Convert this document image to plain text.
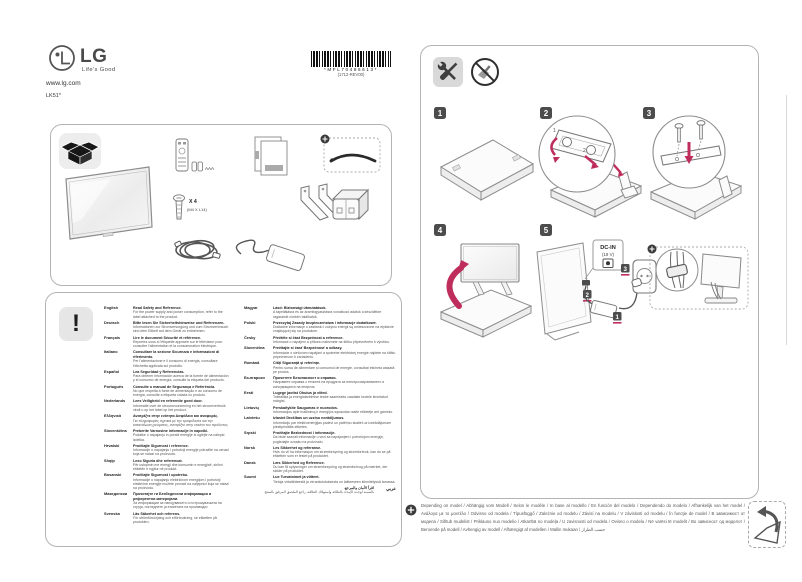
LG
Life's Good
www.lg.com
LK51*
*MFL70486613*
(1712-REV00)
AAA
X 4
(M4 X L14)
!
English	Read Safety and Reference.
For the power supply and power consumption, refer to the label attached to the product.
Deutsch	Bitte lesen Sie Sicherheitshinweise und Referenzen.
Informationen zur Stromversorgung und zum Stromverbrauch sind dem Etikett auf dem Gerät zu entnehmen.
Français	Lire le document Sécurité et référence.
Reportez-vous à l'étiquette apposée sur le téléviseur pour consulter l'alimentation et la consommation électrique.
Italiano	Consultare la sezione Sicurezza e informazioni di riferimento.
Per l'alimentazione e il consumo di energia, consultare l'etichetta applicata sul prodotto.
Español	Lea Seguridad y Referencias.
Para obtener información acerca de la fuente de alimentación y el consumo de energía, consulte la etiqueta del producto.
Português	Consulte o manual de Segurança e Referência.
No que respeita à fonte de alimentação e ao consumo de energia, consulte a etiqueta colada no produto.
Nederlands	Lees Veiligheid en referentie goed door.
Informatie over de stroomvoorziening en het stroomverbruik vindt u op het label op het product.
Ελληνικά	Ανατρέξτε στην ενότητα Ασφάλεια και αναφορές.
Για πληροφορίες σχετικά με την τροφοδοσία και την κατανάλωση ρεύματος, ανατρέξτε στην ετικέτα του προϊόντος.
Slovenščina	Preberite Varnostne informacije in napotki.
Podatke o napajanju in porabi energije si oglejte na nalepki izdelka.
Hrvatski	Pročitajte Sigurnost i reference.
Informacije o napajanju i potrošnji energije potražite na oznaci koja se nalazi na proizvodu.
Shqip	Lexo Siguria dhe referencat.
Për ushqimin me energji dhe konsumin e energjisë, shihni etiketën e ngjitur në produkt.
Bosanski	Pročitajte Sigurnost i upotrebu.
Informacije o napajanju električnom energijom i potrošnji električne energije možete pronaći na naljepnici koja se nalazi na proizvodu.
Македонски	Прочитајте ги Безбедносни информации и референтни материјали.
За информации за напојувањето и потрошувачката на струја, погледнете ја етикетата на производот.
Svenska	Läs Säkerhet och referens.
För strömförsörjning och elförbrukning, se etiketten på produkten.
Magyar	Lásd: Biztonsági útmutatások.
A tápellátásra és az áramfogyasztásra vonatkozó adatok a készülékre ragasztott címkén találhatók.
Polski	Przeczytaj Zasady bezpieczeństwa i informacje dodatkowe.
Dokładne informacje o zasilaniu i zużyciu energii są umieszczone na etykiecie znajdującej się na produkcie.
Česky	Přečtěte si část Bezpečnost a reference.
Informace o napájení a příkonu naleznete na štítku připevněném k výrobku.
Slovenčina	Prečítajte si časť Bezpečnosť a odkazy.
Informácie o sieťovom napájaní a spotrebe elektrickej energie nájdete na štítku pripevnenom k zariadeniu.
Română	Citiți Siguranță și referințe.
Pentru sursa de alimentare și consumul de energie, consultați eticheta atașată pe produs.
Български	Прочетете Безопасност и справки.
Направете справка с етикета на продукта за електрозахранването и консумацията на енергия.
Eesti	Lugege jaotist Ohutus ja viited.
Toiteallika ja energiatarbimise teabe saamiseks vaadake tootele kinnitatud märgist.
Lietuvių	Perskaitykite Saugumas ir nuorodos.
Informacijos apie maitinimą ir energijos sąnaudas rasite etiketėje ant gaminio.
Latviešu	Izlasiet Drošības un uzziņu norādījumus.
Informāciju par elektroenerģijas padevi un patēriņu skatiet uz izstrādājumam piestiprinātās etiķetes.
Srpski	Pročitajte Bezbednost i informacije.
Da biste saznali informacije u vezi sa napajanjem i potrošnjom energije, pogledajte oznaku na proizvodu.
Norsk	Les Sikkerhet og referanse.
Hvis du vil ha informasjon om strømforsyning og strømforbruk, kan du se på etiketten som er festet på produktet.
Dansk	Læs Sikkerhed og Reference.
Du kan få oplysninger om strømforsyning og strømforbrug på mærket, der sidder på produktet.
Suomi	Lue Turvatoimet ja viitteet.
Tietoja virtalähteestä ja virrankulutuksesta on laitteeseen kiinnitetyssä tarrassa.
عربي
اقرأ الأمان والمرجع.
بالنسبة لوحدة الإمداد بالطاقة واستهلاك الطاقة، راجع الملصق المرفق بالمنتج.
1	2	3
1
2
4	5
DC-IN
(19 V)
2
1
3
Depending on model / Abhängig vom Modell / Selon le modèle / In base al modello / En función del modelo / Dependendo do modelo / Afhankelijk van het model / Ανάλογα με το μοντέλο / Odvisno od modela / Típusfüggő / Zależnie od modelu / Závisí na modelu / V závislosti od modelu / În funcţie de model / В зависимост от модела / Sõltub mudelist / Priklauso nuo modelio / Atkarībā no modeļa / U zavisnosti od modela / Ovisno o modelu / Në varësi të modelit / Во зависност од моделот / Beroende på modell / Avhengig av modell / Afhængigt af modellen / Mallin mukaan / حسب الطراز
